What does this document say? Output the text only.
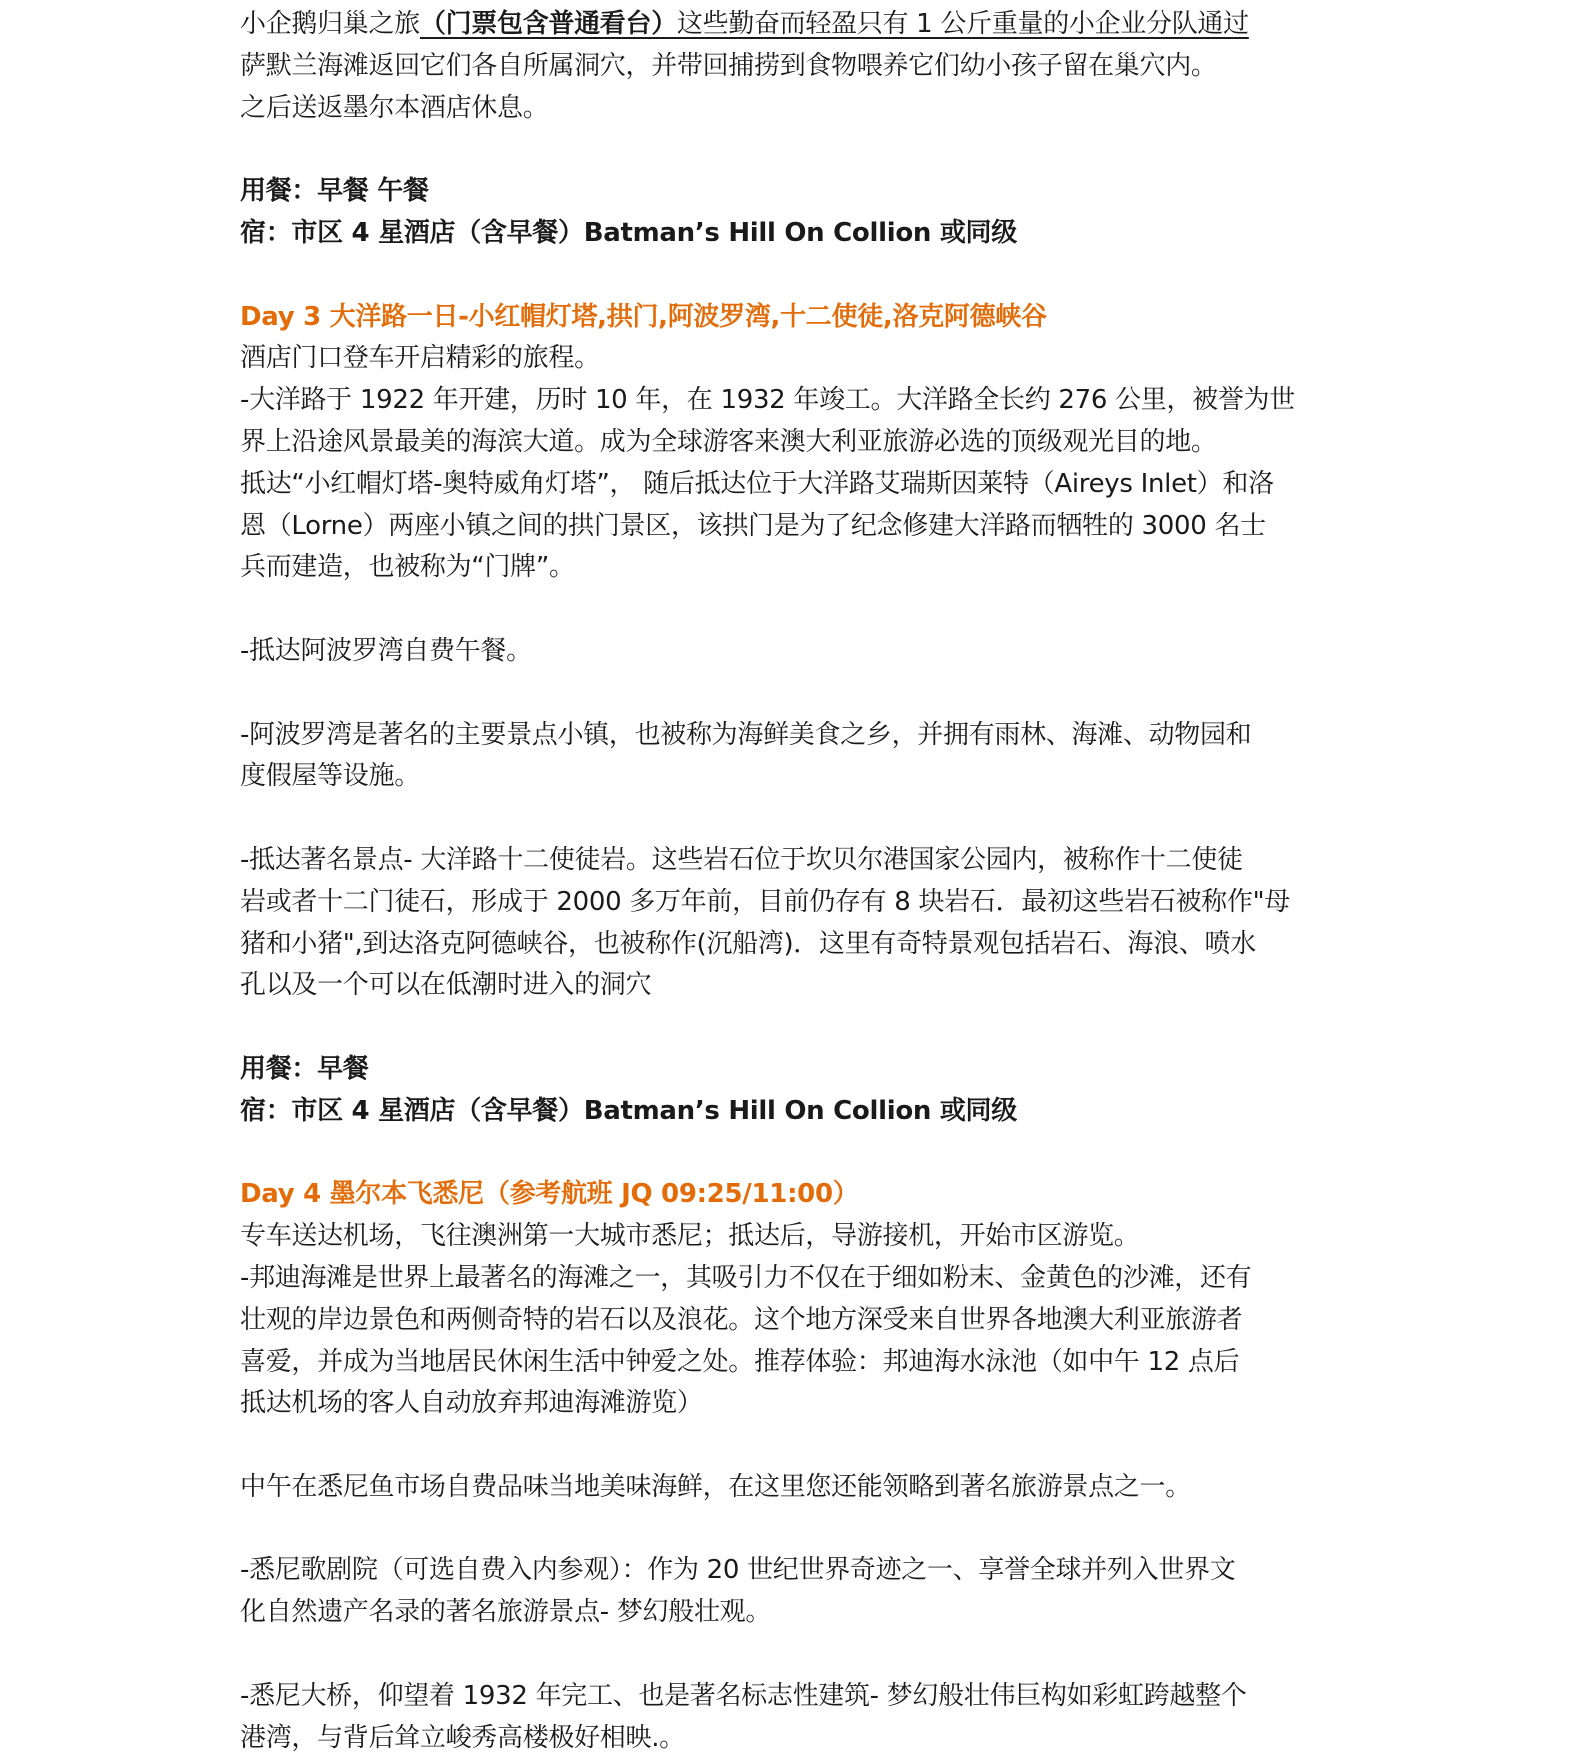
小企鹅归巢之旅（门票包含普通看台）这些勤奋而轻盈只有 1 公斤重量的小企业分队通过
萨默兰海滩返回它们各自所属洞穴，并带回捕捞到食物喂养它们幼小孩子留在巢穴内。
之后送返墨尔本酒店休息。
用餐：早餐 午餐
宿：市区 4 星酒店（含早餐）Batman’s Hill On Collion 或同级
Day 3 大洋路一日-小红帽灯塔,拱门,阿波罗湾,十二使徒,洛克阿德峡谷
酒店门口登车开启精彩的旅程。
-大洋路于 1922 年开建，历时 10 年，在 1932 年竣工。大洋路全长约 276 公里，被誉为世
界上沿途风景最美的海滨大道。成为全球游客来澳大利亚旅游必选的顶级观光目的地。
抵达“小红帽灯塔-奥特威角灯塔”， 随后抵达位于大洋路艾瑞斯因莱特（Aireys Inlet）和洛
恩（Lorne）两座小镇之间的拱门景区，该拱门是为了纪念修建大洋路而牺牲的 3000 名士
兵而建造，也被称为“门牌”。
-抵达阿波罗湾自费午餐。
-阿波罗湾是著名的主要景点小镇，也被称为海鲜美食之乡，并拥有雨林、海滩、动物园和
度假屋等设施。
-抵达著名景点- 大洋路十二使徒岩。这些岩石位于坎贝尔港国家公园内，被称作十二使徒
岩或者十二门徒石，形成于 2000 多万年前，目前仍存有 8 块岩石．最初这些岩石被称作"母
猪和小猪",到达洛克阿德峡谷，也被称作(沉船湾)．这里有奇特景观包括岩石、海浪、喷水
孔以及一个可以在低潮时进入的洞穴
用餐：早餐
宿：市区 4 星酒店（含早餐）Batman’s Hill On Collion 或同级
Day 4 墨尔本飞悉尼（参考航班 JQ 09:25/11:00）
专车送达机场，飞往澳洲第一大城市悉尼；抵达后，导游接机，开始市区游览。
-邦迪海滩是世界上最著名的海滩之一，其吸引力不仅在于细如粉末、金黄色的沙滩，还有
壮观的岸边景色和两侧奇特的岩石以及浪花。这个地方深受来自世界各地澳大利亚旅游者
喜爱，并成为当地居民休闲生活中钟爱之处。推荐体验：邦迪海水泳池（如中午 12 点后
抵达机场的客人自动放弃邦迪海滩游览）
中午在悉尼鱼市场自费品味当地美味海鲜，在这里您还能领略到著名旅游景点之一。
-悉尼歌剧院（可选自费入内参观）：作为 20 世纪世界奇迹之一、享誉全球并列入世界文
化自然遗产名录的著名旅游景点- 梦幻般壮观。
-悉尼大桥，仰望着 1932 年完工、也是著名标志性建筑- 梦幻般壮伟巨构如彩虹跨越整个
港湾，与背后耸立峻秀高楼极好相映.。
